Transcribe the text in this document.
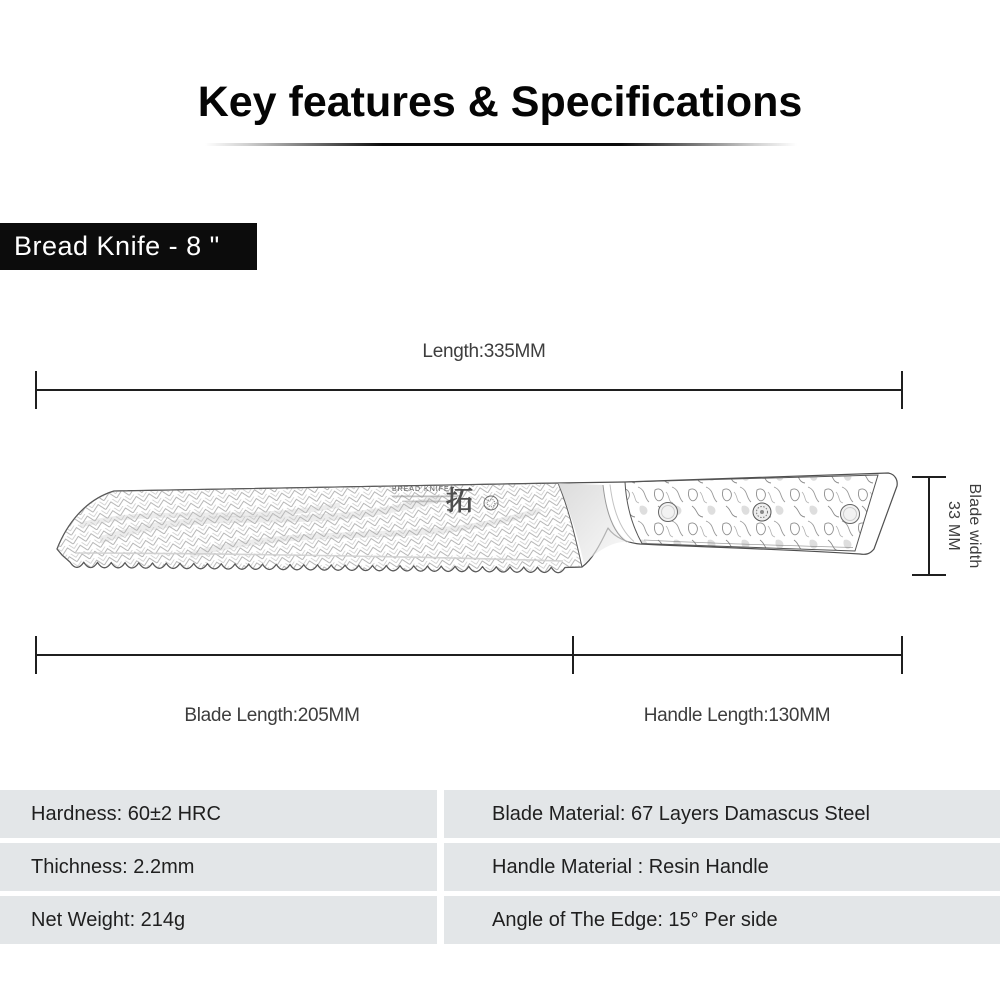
Key features & Specifications
Bread Knife - 8 "
Length:335MM
BREAD KNIFE
拓	Blade width
33 MM
Blade Length:205MM	Handle Length:130MM
Hardness: 60±2 HRC	Blade Material: 67 Layers Damascus Steel
Thichness: 2.2mm	Handle Material : Resin Handle
Net Weight: 214g	Angle of The Edge: 15° Per side
